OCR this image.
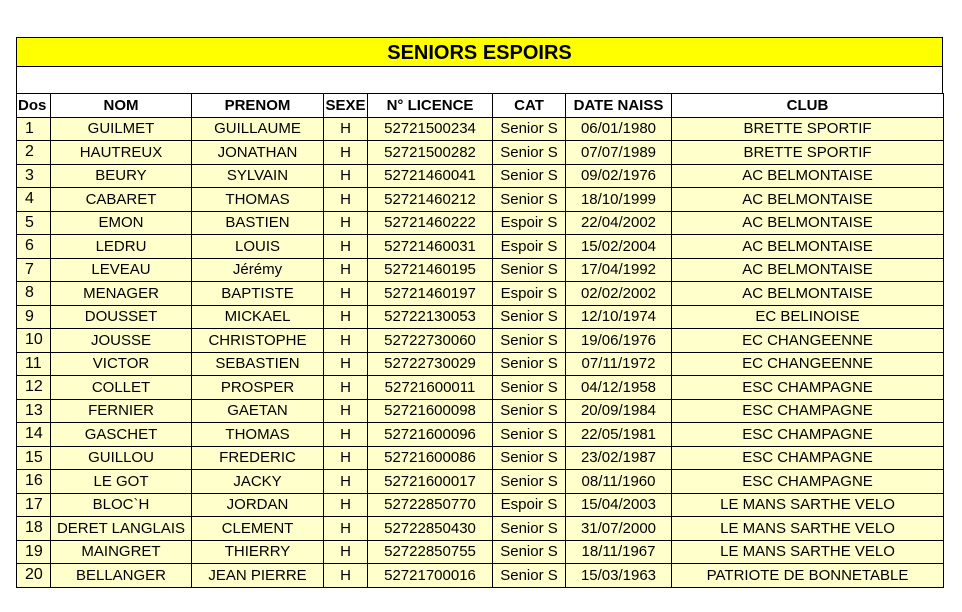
SENIORS ESPOIRS
Dos	NOM	PRENOM	SEXE	N° LICENCE	CAT	DATE NAISS	CLUB
1	GUILMET	GUILLAUME	H	52721500234	Senior S	06/01/1980	BRETTE SPORTIF
2	HAUTREUX	JONATHAN	H	52721500282	Senior S	07/07/1989	BRETTE SPORTIF
3	BEURY	SYLVAIN	H	52721460041	Senior S	09/02/1976	AC BELMONTAISE
4	CABARET	THOMAS	H	52721460212	Senior S	18/10/1999	AC BELMONTAISE
5	EMON	BASTIEN	H	52721460222	Espoir S	22/04/2002	AC BELMONTAISE
6	LEDRU	LOUIS	H	52721460031	Espoir S	15/02/2004	AC BELMONTAISE
7	LEVEAU	Jérémy	H	52721460195	Senior S	17/04/1992	AC BELMONTAISE
8	MENAGER	BAPTISTE	H	52721460197	Espoir S	02/02/2002	AC BELMONTAISE
9	DOUSSET	MICKAEL	H	52722130053	Senior S	12/10/1974	EC BELINOISE
10	JOUSSE	CHRISTOPHE	H	52722730060	Senior S	19/06/1976	EC CHANGEENNE
11	VICTOR	SEBASTIEN	H	52722730029	Senior S	07/11/1972	EC CHANGEENNE
12	COLLET	PROSPER	H	52721600011	Senior S	04/12/1958	ESC CHAMPAGNE
13	FERNIER	GAETAN	H	52721600098	Senior S	20/09/1984	ESC CHAMPAGNE
14	GASCHET	THOMAS	H	52721600096	Senior S	22/05/1981	ESC CHAMPAGNE
15	GUILLOU	FREDERIC	H	52721600086	Senior S	23/02/1987	ESC CHAMPAGNE
16	LE GOT	JACKY	H	52721600017	Senior S	08/11/1960	ESC CHAMPAGNE
17	BLOC`H	JORDAN	H	52722850770	Espoir S	15/04/2003	LE MANS SARTHE VELO
18	DERET LANGLAIS	CLEMENT	H	52722850430	Senior S	31/07/2000	LE MANS SARTHE VELO
19	MAINGRET	THIERRY	H	52722850755	Senior S	18/11/1967	LE MANS SARTHE VELO
20	BELLANGER	JEAN PIERRE	H	52721700016	Senior S	15/03/1963	PATRIOTE DE BONNETABLE
